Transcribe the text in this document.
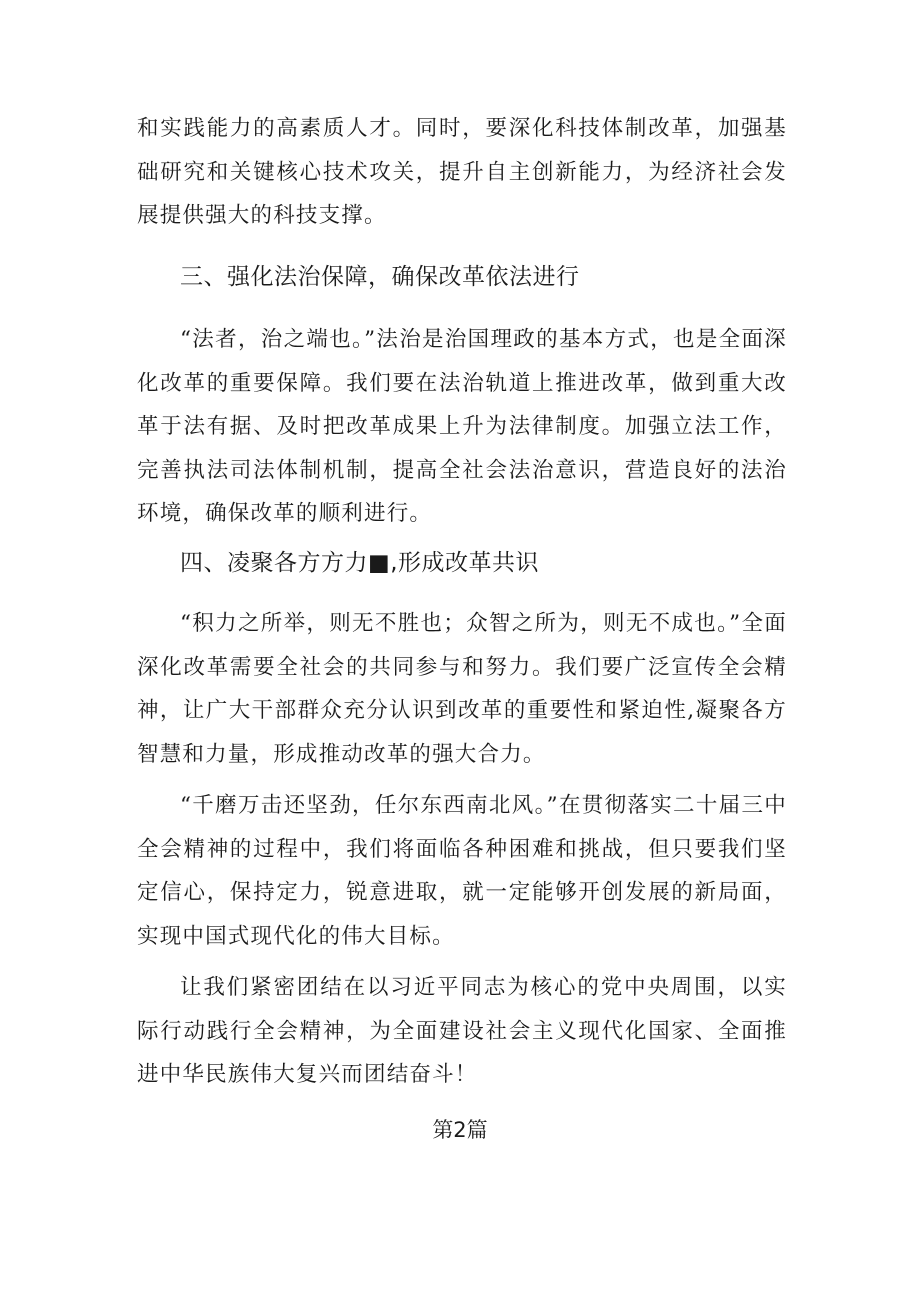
和实践能力的高素质人才。同时，要深化科技体制改革，加强基础研究和关键核心技术攻关，提升自主创新能力，为经济社会发展提供强大的科技支撑。

三、强化法治保障，确保改革依法进行

“法者，治之端也。”法治是治国理政的基本方式，也是全面深化改革的重要保障。我们要在法治轨道上推进改革，做到重大改革于法有据、及时把改革成果上升为法律制度。加强立法工作，完善执法司法体制机制，提高全社会法治意识，营造良好的法治环境，确保改革的顺利进行。

四、凌聚各方方力■,形成改革共识

“积力之所举，则无不胜也；众智之所为，则无不成也。”全面深化改革需要全社会的共同参与和努力。我们要广泛宣传全会精神，让广大干部群众充分认识到改革的重要性和紧迫性,凝聚各方智慧和力量，形成推动改革的强大合力。

“千磨万击还坚劲，任尔东西南北风。”在贯彻落实二十届三中全会精神的过程中，我们将面临各种困难和挑战，但只要我们坚定信心，保持定力，锐意进取，就一定能够开创发展的新局面，实现中国式现代化的伟大目标。

让我们紧密团结在以习近平同志为核心的党中央周围，以实际行动践行全会精神，为全面建设社会主义现代化国家、全面推进中华民族伟大复兴而团结奋斗！

第2篇
